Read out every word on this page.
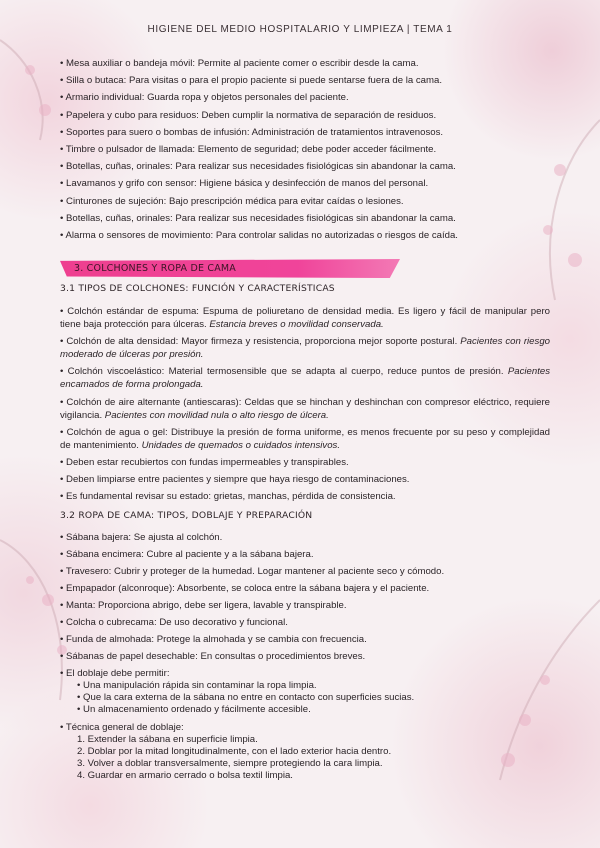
HIGIENE DEL MEDIO HOSPITALARIO Y LIMPIEZA | TEMA 1
• Mesa auxiliar o bandeja móvil: Permite al paciente comer o escribir desde la cama.
• Silla o butaca: Para visitas o para el propio paciente si puede sentarse fuera de la cama.
• Armario individual: Guarda ropa y objetos personales del paciente.
• Papelera y cubo para residuos: Deben cumplir la normativa de separación de residuos.
• Soportes para suero o bombas de infusión: Administración de tratamientos intravenosos.
• Timbre o pulsador de llamada: Elemento de seguridad; debe poder acceder fácilmente.
• Botellas, cuñas, orinales: Para realizar sus necesidades fisiológicas sin abandonar la cama.
• Lavamanos y grifo con sensor: Higiene básica y desinfección de manos del personal.
• Cinturones de sujeción: Bajo prescripción médica para evitar caídas o lesiones.
• Botellas, cuñas, orinales: Para realizar sus necesidades fisiológicas sin abandonar la cama.
• Alarma o sensores de movimiento: Para controlar salidas no autorizadas o riesgos de caída.
3. COLCHONES Y ROPA DE CAMA
3.1 TIPOS DE COLCHONES: FUNCIÓN Y CARACTERÍSTICAS
• Colchón estándar de espuma: Espuma de poliuretano de densidad media. Es ligero y fácil de manipular pero tiene baja protección para úlceras. Estancia breves o movilidad conservada.
• Colchón de alta densidad: Mayor firmeza y resistencia, proporciona mejor soporte postural. Pacientes con riesgo moderado de úlceras por presión.
• Colchón viscoelástico: Material termosensible que se adapta al cuerpo, reduce puntos de presión. Pacientes encamados de forma prolongada.
• Colchón de aire alternante (antiescaras): Celdas que se hinchan y deshinchan con compresor eléctrico, requiere vigilancia. Pacientes con movilidad nula o alto riesgo de úlcera.
• Colchón de agua o gel: Distribuye la presión de forma uniforme, es menos frecuente por su peso y complejidad de mantenimiento. Unidades de quemados o cuidados intensivos.
• Deben estar recubiertos con fundas impermeables y transpirables.
• Deben limpiarse entre pacientes y siempre que haya riesgo de contaminaciones.
• Es fundamental revisar su estado: grietas, manchas, pérdida de consistencia.
3.2 ROPA DE CAMA: TIPOS, DOBLAJE Y PREPARACIÓN
• Sábana bajera: Se ajusta al colchón.
• Sábana encimera: Cubre al paciente y a la sábana bajera.
• Travesero: Cubrir y proteger de la humedad. Logar mantener al paciente seco y cómodo.
• Empapador (alconroque): Absorbente, se coloca entre la sábana bajera y el paciente.
• Manta: Proporciona abrigo, debe ser ligera, lavable y transpirable.
• Colcha o cubrecama: De uso decorativo y funcional.
• Funda de almohada: Protege la almohada y se cambia con frecuencia.
• Sábanas de papel desechable: En consultas o procedimientos breves.
• El doblaje debe permitir:
• Una manipulación rápida sin contaminar la ropa limpia.
• Que la cara externa de la sábana no entre en contacto con superficies sucias.
• Un almacenamiento ordenado y fácilmente accesible.
• Técnica general de doblaje:
1. Extender la sábana en superficie limpia.
2. Doblar por la mitad longitudinalmente, con el lado exterior hacia dentro.
3. Volver a doblar transversalmente, siempre protegiendo la cara limpia.
4. Guardar en armario cerrado o bolsa textil limpia.
